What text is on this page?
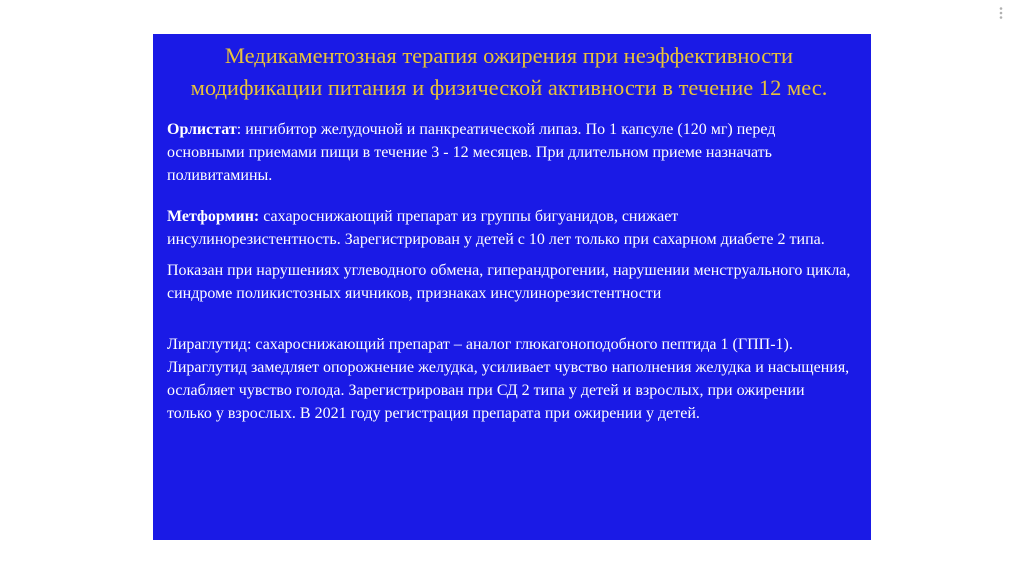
Медикаментозная терапия ожирения при неэффективности
модификации питания и физической активности в течение 12 мес.

Орлистат: ингибитор желудочной и панкреатической липаз. По 1 капсуле (120 мг) перед основными приемами пищи в течение 3 - 12 месяцев. При длительном приеме назначать поливитамины.

Метформин: сахароснижающий препарат из группы бигуанидов, снижает инсулинорезистентность. Зарегистрирован у детей с 10 лет только при сахарном диабете 2 типа.

Показан при нарушениях углеводного обмена, гиперандрогении, нарушении менструального цикла, синдроме поликистозных яичников, признаках инсулинорезистентности

Лираглутид: сахароснижающий препарат – аналог глюкагоноподобного пептида 1 (ГПП-1). Лираглутид замедляет опорожнение желудка, усиливает чувство наполнения желудка и насыщения, ослабляет чувство голода. Зарегистрирован при СД 2 типа у детей и взрослых, при ожирении только у взрослых. В 2021 году регистрация препарата при ожирении у детей.
